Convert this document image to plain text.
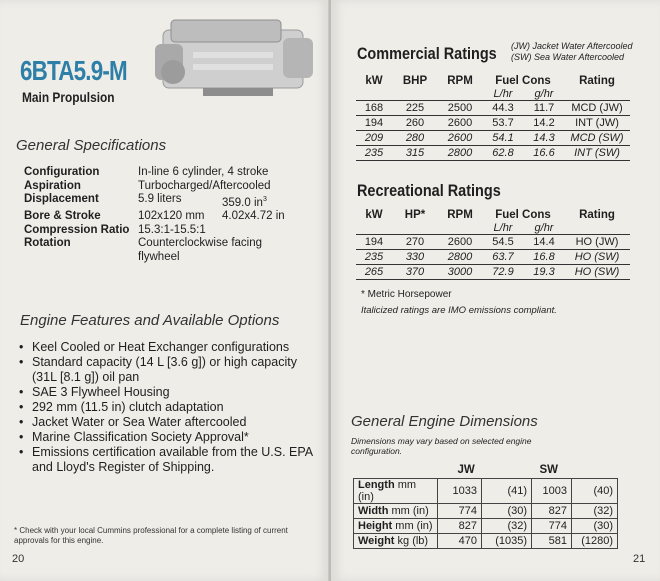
6BTA5.9-M
Main Propulsion
General Specifications
Configuration	In-line 6 cylinder, 4 stroke
Aspiration	Turbocharged/Aftercooled
Displacement	5.9 liters	359.0 $in^3$
Bore & Stroke	102x120 mm	4.02x4.72 in
Compression Ratio 15.3:1-15.5:1
Rotation	Counterclockwise facing
flywheel
Engine Features and Available Options
• Keel Cooled or Heat Exchanger configurations
• Standard capacity (14 L [3.6 g]) or high capacity (31L [8.1 g]) oil pan
• SAE 3 Flywheel Housing
• 292 mm (11.5 in) clutch adaptation
• Jacket Water or Sea Water aftercooled
• Marine Classification Society Approval*
• Emissions certification available from the U.S. EPA and Lloyd's Register of Shipping.
* Check with your local Cummins professional for a complete listing of current approvals for this engine.
20
Commercial Ratings (JW) Jacket Water Aftercooled
(SW) Sea Water Aftercooled
kW	BHP	RPM	Fuel Cons		Rating
			L/hr	g/hr	
168	225	2500	44.3	11.7	MCD (JW)
194	260	2600	53.7	14.2	INT (JW)
209	280	2600	54.1	14.3	MCD (SW)
235	315	2800	62.8	16.6	INT (SW)
Recreational Ratings
kW	HP*	RPM	Fuel Cons		Rating
			L/hr	g/hr	
194	270	2600	54.5	14.4	HO (JW)
235	330	2800	63.7	16.8	HO (SW)
265	370	3000	72.9	19.3	HO (SW)
* Metric Horsepower
Italicized ratings are IMO emissions compliant.
General Engine Dimensions
Dimensions may vary based on selected engine configuration.
	JW		SW	
Length mm (in)	1033	(41)	1003	(40)
Width mm (in)	774	(30)	827	(32)
Height mm (in)	827	(32)	774	(30)
Weight kg (lb)	470	(1035)	581	(1280)
21
